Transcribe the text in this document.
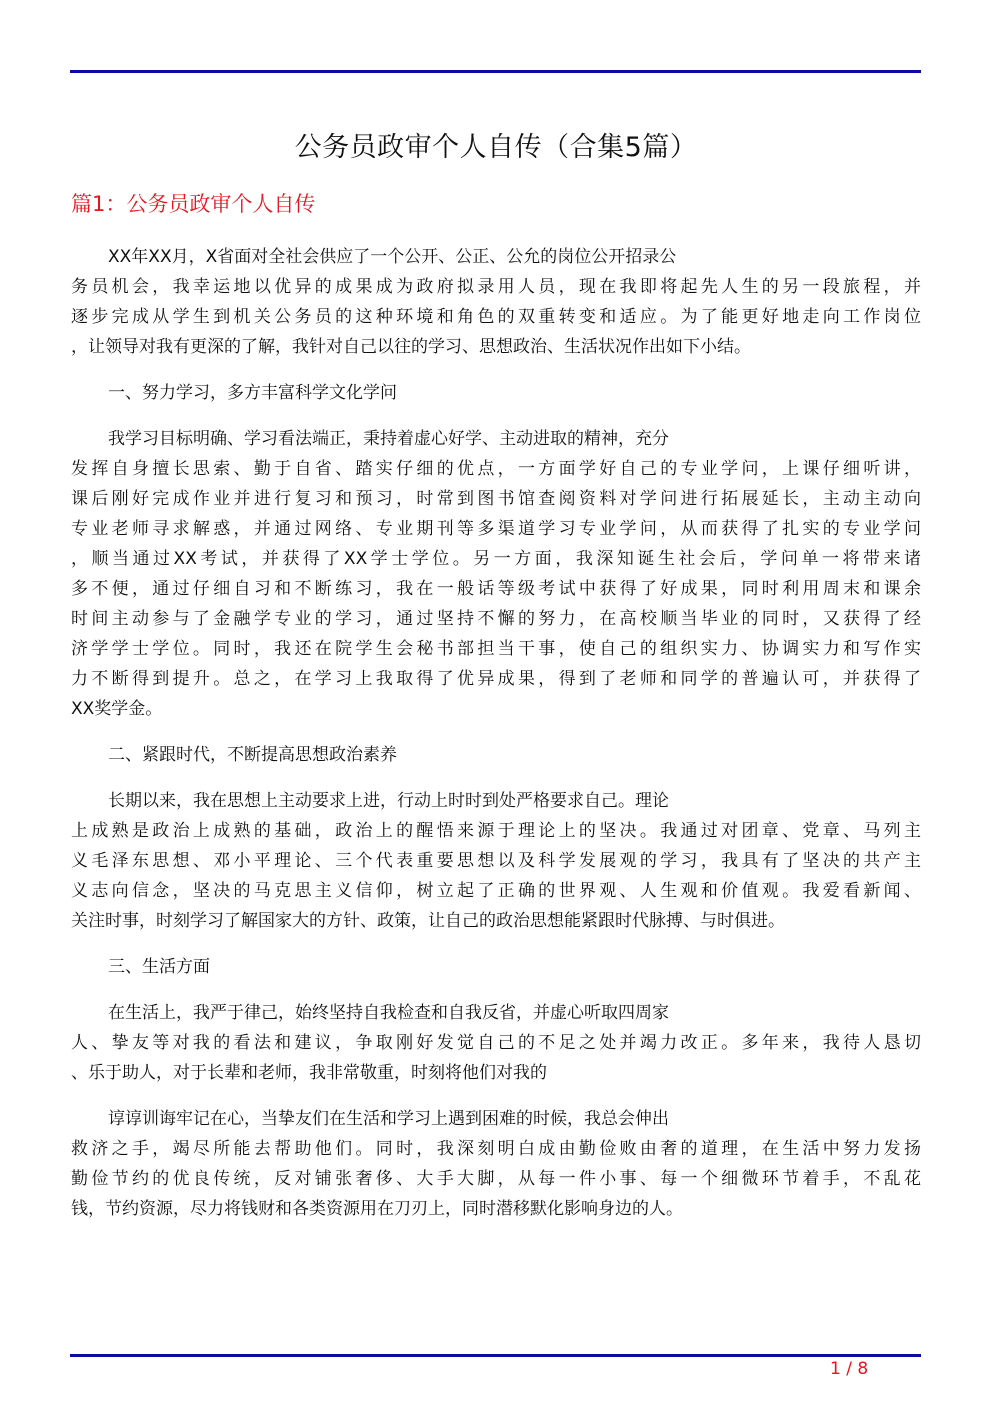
公务员政审个人自传（合集5篇）
篇1：公务员政审个人自传
XX年XX月，X省面对全社会供应了一个公开、公正、公允的岗位公开招录公
务员机会，我幸运地以优异的成果成为政府拟录用人员，现在我即将起先人生的另一段旅程，并
逐步完成从学生到机关公务员的这种环境和角色的双重转变和适应。为了能更好地走向工作岗位
，让领导对我有更深的了解，我针对自己以往的学习、思想政治、生活状况作出如下小结。
一、努力学习，多方丰富科学文化学问
我学习目标明确、学习看法端正，秉持着虚心好学、主动进取的精神，充分
发挥自身擅长思索、勤于自省、踏实仔细的优点，一方面学好自己的专业学问，上课仔细听讲，
课后刚好完成作业并进行复习和预习，时常到图书馆查阅资料对学问进行拓展延长，主动主动向
专业老师寻求解惑，并通过网络、专业期刊等多渠道学习专业学问，从而获得了扎实的专业学问
，顺当通过XX考试，并获得了XX学士学位。另一方面，我深知诞生社会后，学问单一将带来诸
多不便，通过仔细自习和不断练习，我在一般话等级考试中获得了好成果，同时利用周末和课余
时间主动参与了金融学专业的学习，通过坚持不懈的努力，在高校顺当毕业的同时，又获得了经
济学学士学位。同时，我还在院学生会秘书部担当干事，使自己的组织实力、协调实力和写作实
力不断得到提升。总之，在学习上我取得了优异成果，得到了老师和同学的普遍认可，并获得了
XX奖学金。
二、紧跟时代，不断提高思想政治素养
长期以来，我在思想上主动要求上进，行动上时时到处严格要求自己。理论
上成熟是政治上成熟的基础，政治上的醒悟来源于理论上的坚决。我通过对团章、党章、马列主
义毛泽东思想、邓小平理论、三个代表重要思想以及科学发展观的学习，我具有了坚决的共产主
义志向信念，坚决的马克思主义信仰，树立起了正确的世界观、人生观和价值观。我爱看新闻、
关注时事，时刻学习了解国家大的方针、政策，让自己的政治思想能紧跟时代脉搏、与时俱进。
三、生活方面
在生活上，我严于律己，始终坚持自我检查和自我反省，并虚心听取四周家
人、挚友等对我的看法和建议，争取刚好发觉自己的不足之处并竭力改正。多年来，我待人恳切
、乐于助人，对于长辈和老师，我非常敬重，时刻将他们对我的
谆谆训诲牢记在心，当挚友们在生活和学习上遇到困难的时候，我总会伸出
救济之手，竭尽所能去帮助他们。同时，我深刻明白成由勤俭败由奢的道理，在生活中努力发扬
勤俭节约的优良传统，反对铺张奢侈、大手大脚，从每一件小事、每一个细微环节着手，不乱花
钱，节约资源，尽力将钱财和各类资源用在刀刃上，同时潜移默化影响身边的人。
1 / 8
